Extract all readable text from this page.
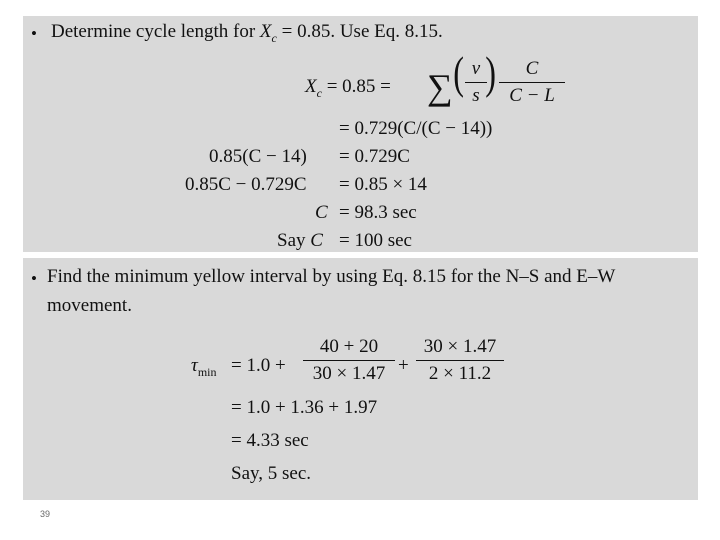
• Determine cycle length for $X_c = 0.85$. Use Eq. 8.15.
$X_c = 0.85$ = ∑ ( v
s )	C
C − L
= 0.729(C/(C − 14))
0.85(C − 14) = 0.729C
0.85C − 0.729C = 0.85 × 14
C = 98.3 sec
Say C = 100 sec
• Find the minimum yellow interval by using Eq. 8.15 for the N–S and E–W
movement.
$\tau_{min} = 1.0$ +
40 + 20
30 × 1.47 +
30 × 1.47
2 × 11.2
= 1.0 + 1.36 + 1.97
= 4.33 sec
Say, 5 sec.
39
